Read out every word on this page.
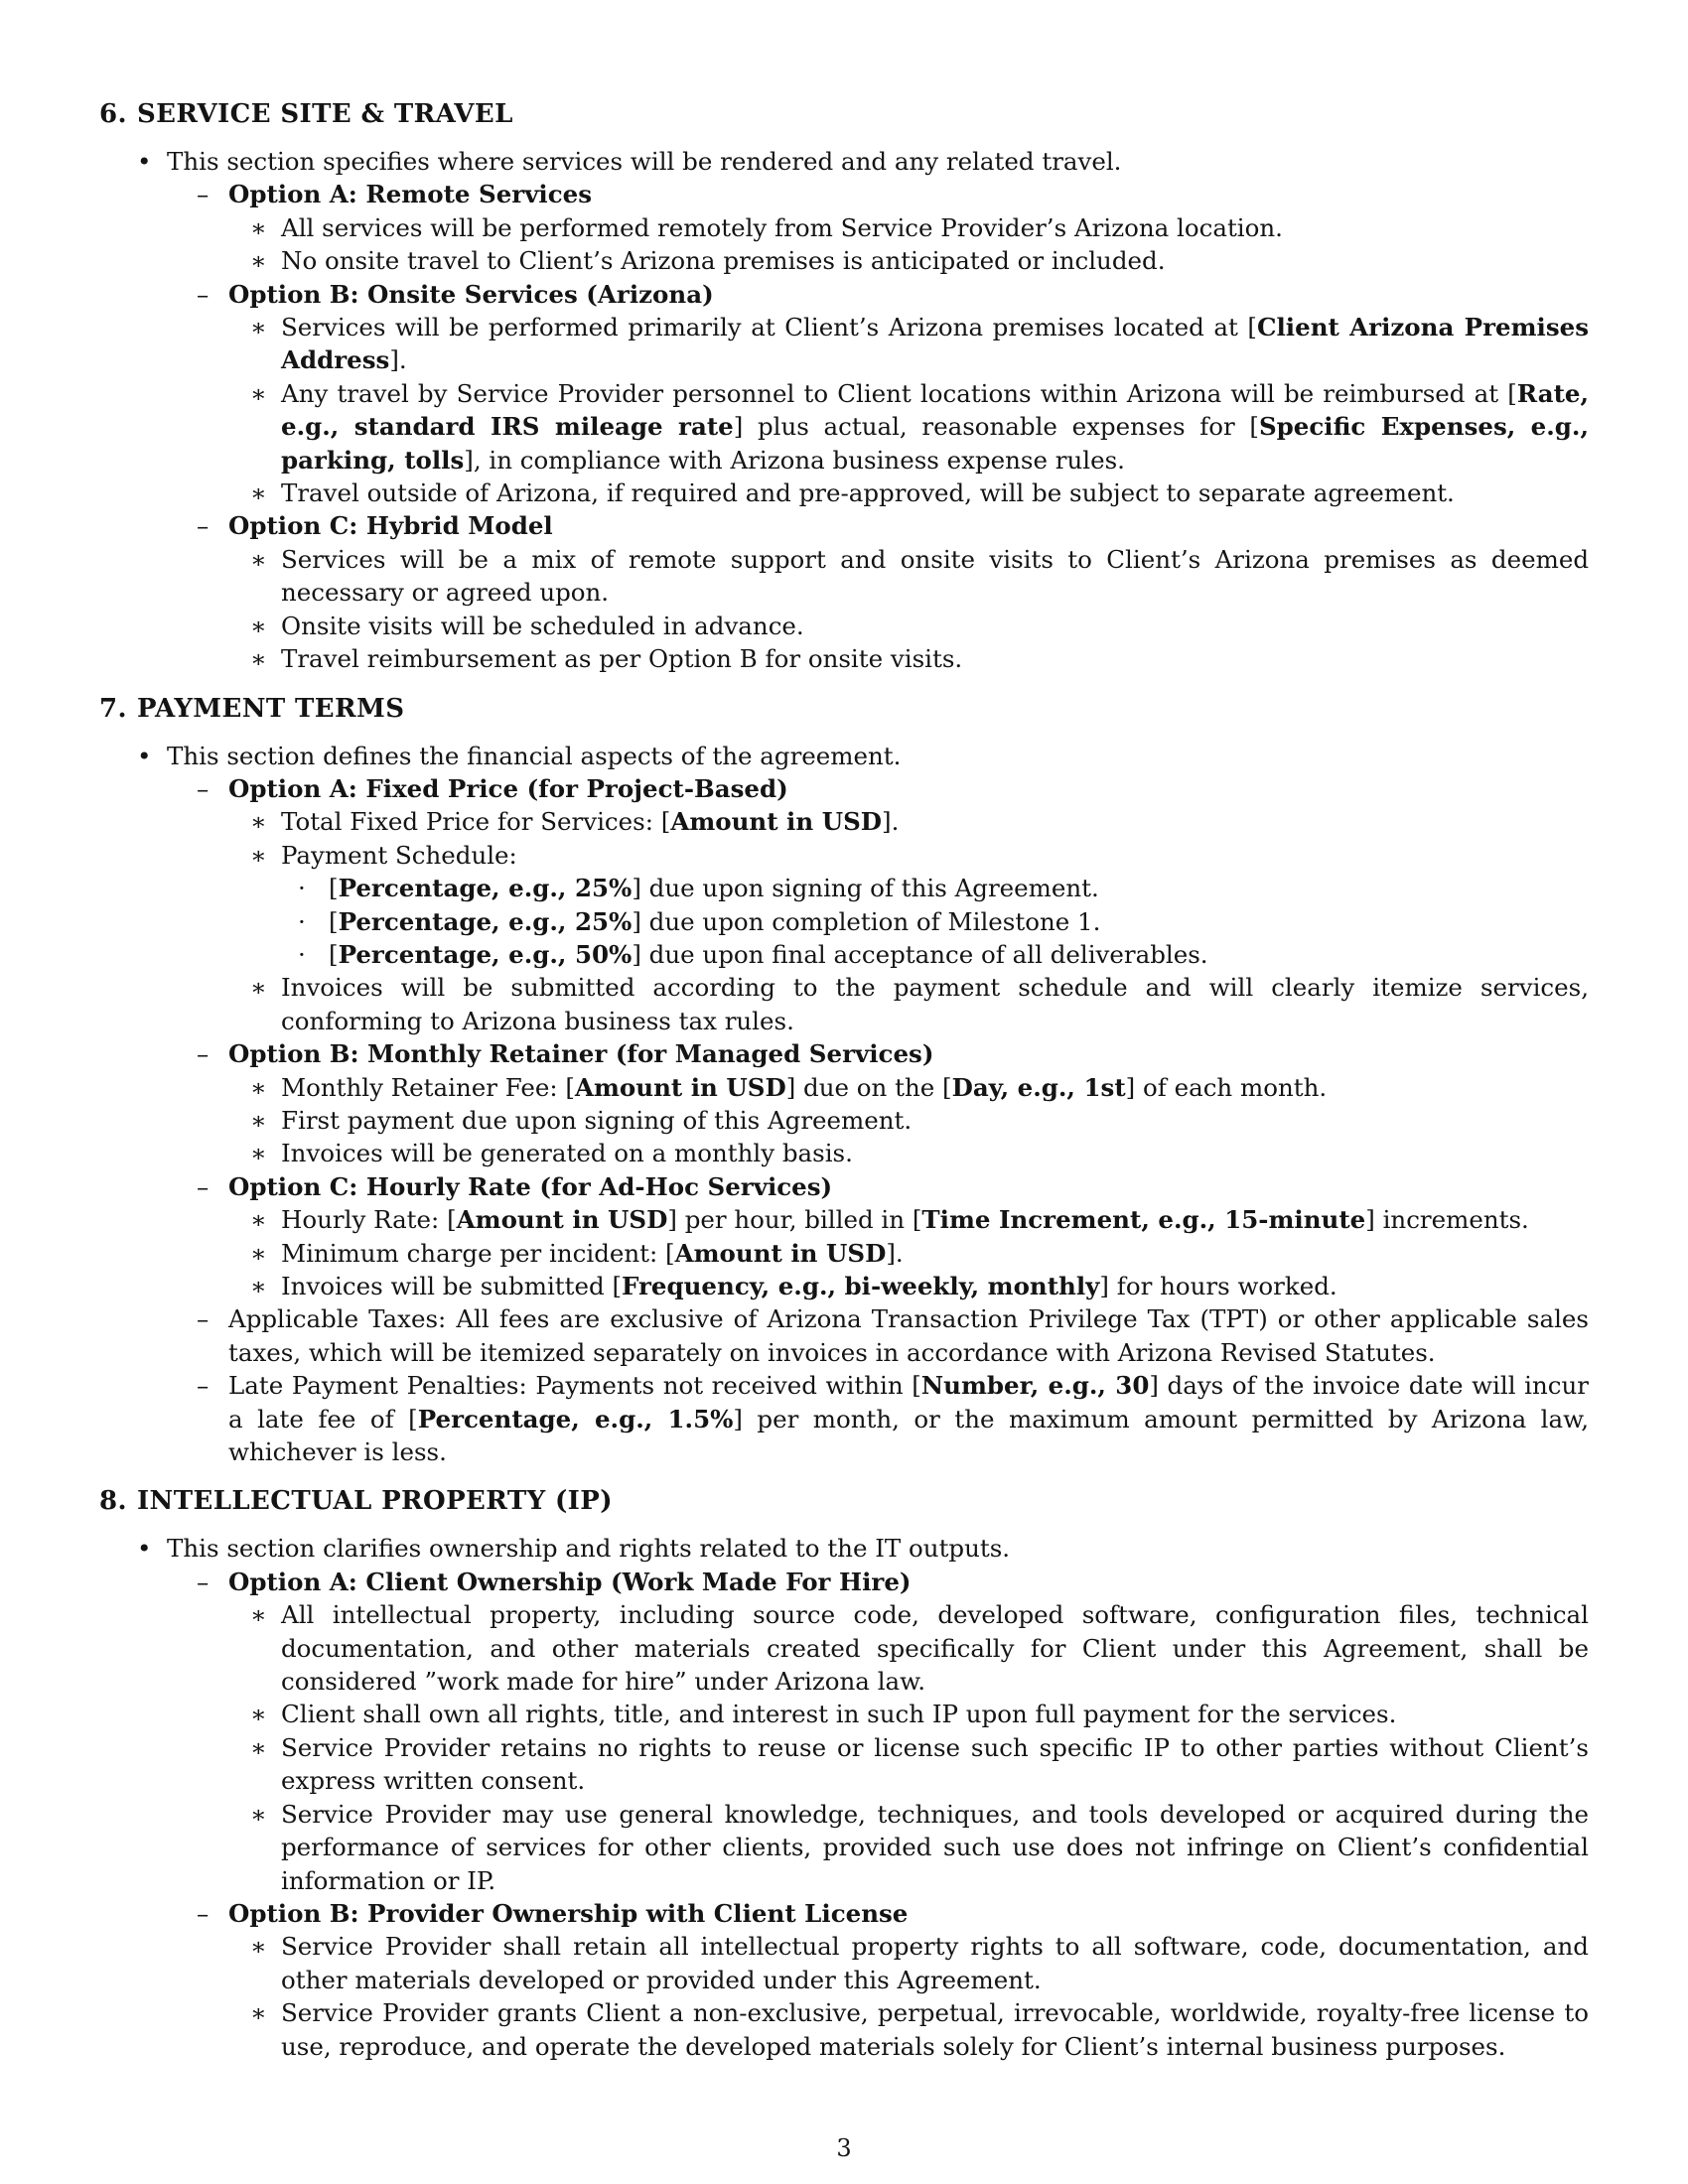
6. SERVICE SITE & TRAVEL
• This section specifies where services will be rendered and any related travel.
– Option A: Remote Services
∗ All services will be performed remotely from Service Provider’s Arizona location.
∗ No onsite travel to Client’s Arizona premises is anticipated or included.
– Option B: Onsite Services (Arizona)
∗ Services will be performed primarily at Client’s Arizona premises located at [Client Arizona Premises Address].
∗ Any travel by Service Provider personnel to Client locations within Arizona will be reimbursed at [Rate, e.g., standard IRS mileage rate] plus actual, reasonable expenses for [Specific Expenses, e.g., parking, tolls], in compliance with Arizona business expense rules.
∗ Travel outside of Arizona, if required and pre-approved, will be subject to separate agreement.
– Option C: Hybrid Model
∗ Services will be a mix of remote support and onsite visits to Client’s Arizona premises as deemed necessary or agreed upon.
∗ Onsite visits will be scheduled in advance.
∗ Travel reimbursement as per Option B for onsite visits.
7. PAYMENT TERMS
• This section defines the financial aspects of the agreement.
– Option A: Fixed Price (for Project-Based)
∗ Total Fixed Price for Services: [Amount in USD].
∗ Payment Schedule:
· [Percentage, e.g., 25%] due upon signing of this Agreement.
· [Percentage, e.g., 25%] due upon completion of Milestone 1.
· [Percentage, e.g., 50%] due upon final acceptance of all deliverables.
∗ Invoices will be submitted according to the payment schedule and will clearly itemize services, conforming to Arizona business tax rules.
– Option B: Monthly Retainer (for Managed Services)
∗ Monthly Retainer Fee: [Amount in USD] due on the [Day, e.g., 1st] of each month.
∗ First payment due upon signing of this Agreement.
∗ Invoices will be generated on a monthly basis.
– Option C: Hourly Rate (for Ad-Hoc Services)
∗ Hourly Rate: [Amount in USD] per hour, billed in [Time Increment, e.g., 15-minute] increments.
∗ Minimum charge per incident: [Amount in USD].
∗ Invoices will be submitted [Frequency, e.g., bi-weekly, monthly] for hours worked.
– Applicable Taxes: All fees are exclusive of Arizona Transaction Privilege Tax (TPT) or other applicable sales taxes, which will be itemized separately on invoices in accordance with Arizona Revised Statutes.
– Late Payment Penalties: Payments not received within [Number, e.g., 30] days of the invoice date will incur a late fee of [Percentage, e.g., 1.5%] per month, or the maximum amount permitted by Arizona law, whichever is less.
8. INTELLECTUAL PROPERTY (IP)
• This section clarifies ownership and rights related to the IT outputs.
– Option A: Client Ownership (Work Made For Hire)
∗ All intellectual property, including source code, developed software, configuration files, technical documentation, and other materials created specifically for Client under this Agreement, shall be considered ”work made for hire” under Arizona law.
∗ Client shall own all rights, title, and interest in such IP upon full payment for the services.
∗ Service Provider retains no rights to reuse or license such specific IP to other parties without Client’s express written consent.
∗ Service Provider may use general knowledge, techniques, and tools developed or acquired during the performance of services for other clients, provided such use does not infringe on Client’s confidential information or IP.
– Option B: Provider Ownership with Client License
∗ Service Provider shall retain all intellectual property rights to all software, code, documentation, and other materials developed or provided under this Agreement.
∗ Service Provider grants Client a non-exclusive, perpetual, irrevocable, worldwide, royalty-free license to use, reproduce, and operate the developed materials solely for Client’s internal business purposes.
3
